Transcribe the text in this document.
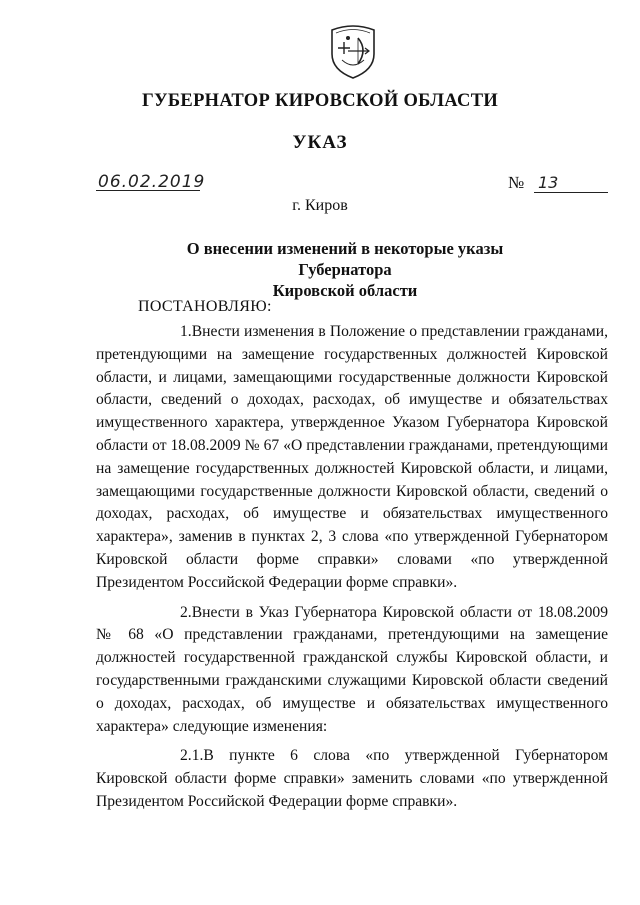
ГУБЕРНАТОР КИРОВСКОЙ ОБЛАСТИ
УКАЗ
06.02.2019	№ 13
г. Киров
О внесении изменений в некоторые указы Губернатора
Кировской области
ПОСТАНОВЛЯЮ:

1.Внести изменения в Положение о представлении гражданами, претендующими на замещение государственных должностей Кировской области, и лицами, замещающими государственные должности Кировской области, сведений о доходах, расходах, об имуществе и обязательствах имущественного характера, утвержденное Указом Губернатора Кировской области от 18.08.2009 № 67 «О представлении гражданами, претендующими на замещение государственных должностей Кировской области, и лицами, замещающими государственные должности Кировской области, сведений о доходах, расходах, об имуществе и обязательствах имущественного характера», заменив в пунктах 2, 3 слова «по утвержденной Губернатором Кировской области форме справки» словами «по утвержденной Президентом Российской Федерации форме справки».

2.Внести в Указ Губернатора Кировской области от 18.08.2009 № 68 «О представлении гражданами, претендующими на замещение должностей государственной гражданской службы Кировской области, и государственными гражданскими служащими Кировской области сведений о доходах, расходах, об имуществе и обязательствах имущественного характера» следующие изменения:

2.1.В пункте 6 слова «по утвержденной Губернатором Кировской области форме справки» заменить словами «по утвержденной Президентом Российской Федерации форме справки».
